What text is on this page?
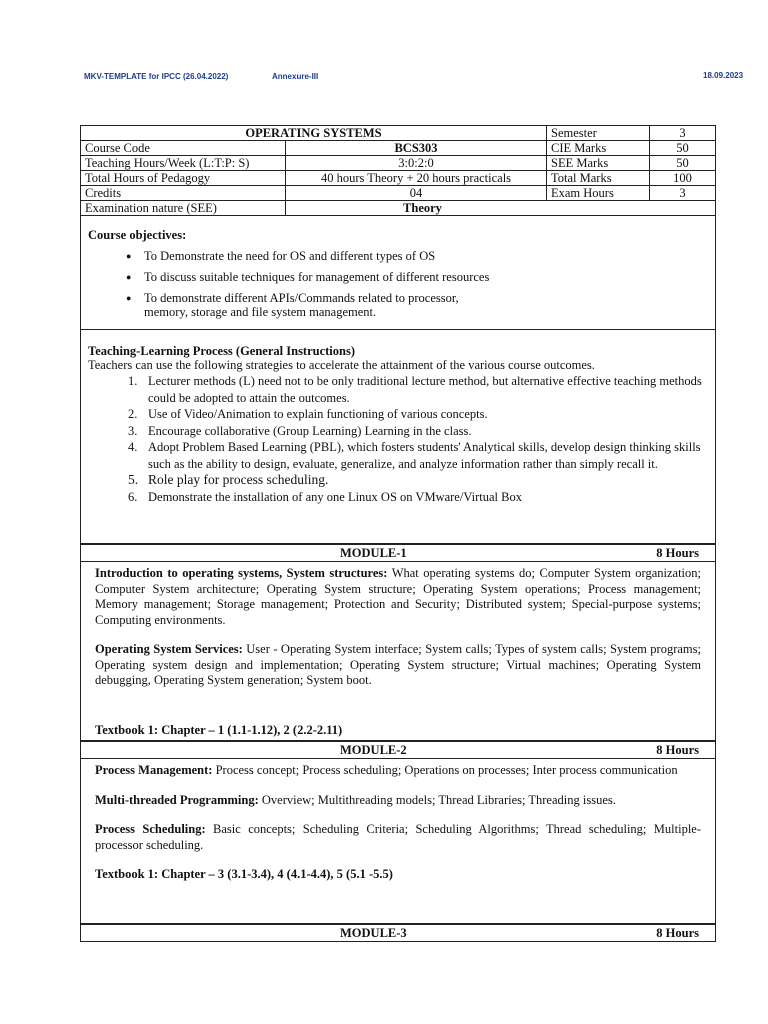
MKV-TEMPLATE for IPCC (26.04.2022)	Annexure-III	18.09.2023
OPERATING SYSTEMS		Semester	3
Course Code	BCS303	CIE Marks	50
Teaching Hours/Week (L:T:P: S)	3:0:2:0	SEE Marks	50
Total Hours of Pedagogy	40 hours Theory + 20 hours practicals	Total Marks	100
Credits	04	Exam Hours	3
Examination nature (SEE)	Theory		
Course objectives:
● To Demonstrate the need for OS and different types of OS
● To discuss suitable techniques for management of different resources
● To demonstrate different APIs/Commands related to processor,
memory, storage and file system management.
Teaching-Learning Process (General Instructions)
Teachers can use the following strategies to accelerate the attainment of the various course outcomes.
1. Lecturer methods (L) need not to be only traditional lecture method, but alternative effective teaching methods could be adopted to attain the outcomes.
2. Use of Video/Animation to explain functioning of various concepts.
3. Encourage collaborative (Group Learning) Learning in the class.
4. Adopt Problem Based Learning (PBL), which fosters students' Analytical skills, develop design thinking skills such as the ability to design, evaluate, generalize, and analyze information rather than simply recall it.
5. Role play for process scheduling.
6. Demonstrate the installation of any one Linux OS on VMware/Virtual Box
MODULE-1	8 Hours

Introduction to operating systems, System structures: What operating systems do; Computer System organization; Computer System architecture; Operating System structure; Operating System operations; Process management; Memory management; Storage management; Protection and Security; Distributed system; Special-purpose systems; Computing environments.

Operating System Services: User - Operating System interface; System calls; Types of system calls; System programs; Operating system design and implementation; Operating System structure; Virtual machines; Operating System debugging, Operating System generation; System boot.

Textbook 1: Chapter – 1 (1.1-1.12), 2 (2.2-2.11)

MODULE-2	8 Hours

Process Management: Process concept; Process scheduling; Operations on processes; Inter process communication

Multi-threaded Programming: Overview; Multithreading models; Thread Libraries; Threading issues.

Process Scheduling: Basic concepts; Scheduling Criteria; Scheduling Algorithms; Thread scheduling; Multiple-processor scheduling.

Textbook 1: Chapter – 3 (3.1-3.4), 4 (4.1-4.4), 5 (5.1 -5.5)

MODULE-3	8 Hours
